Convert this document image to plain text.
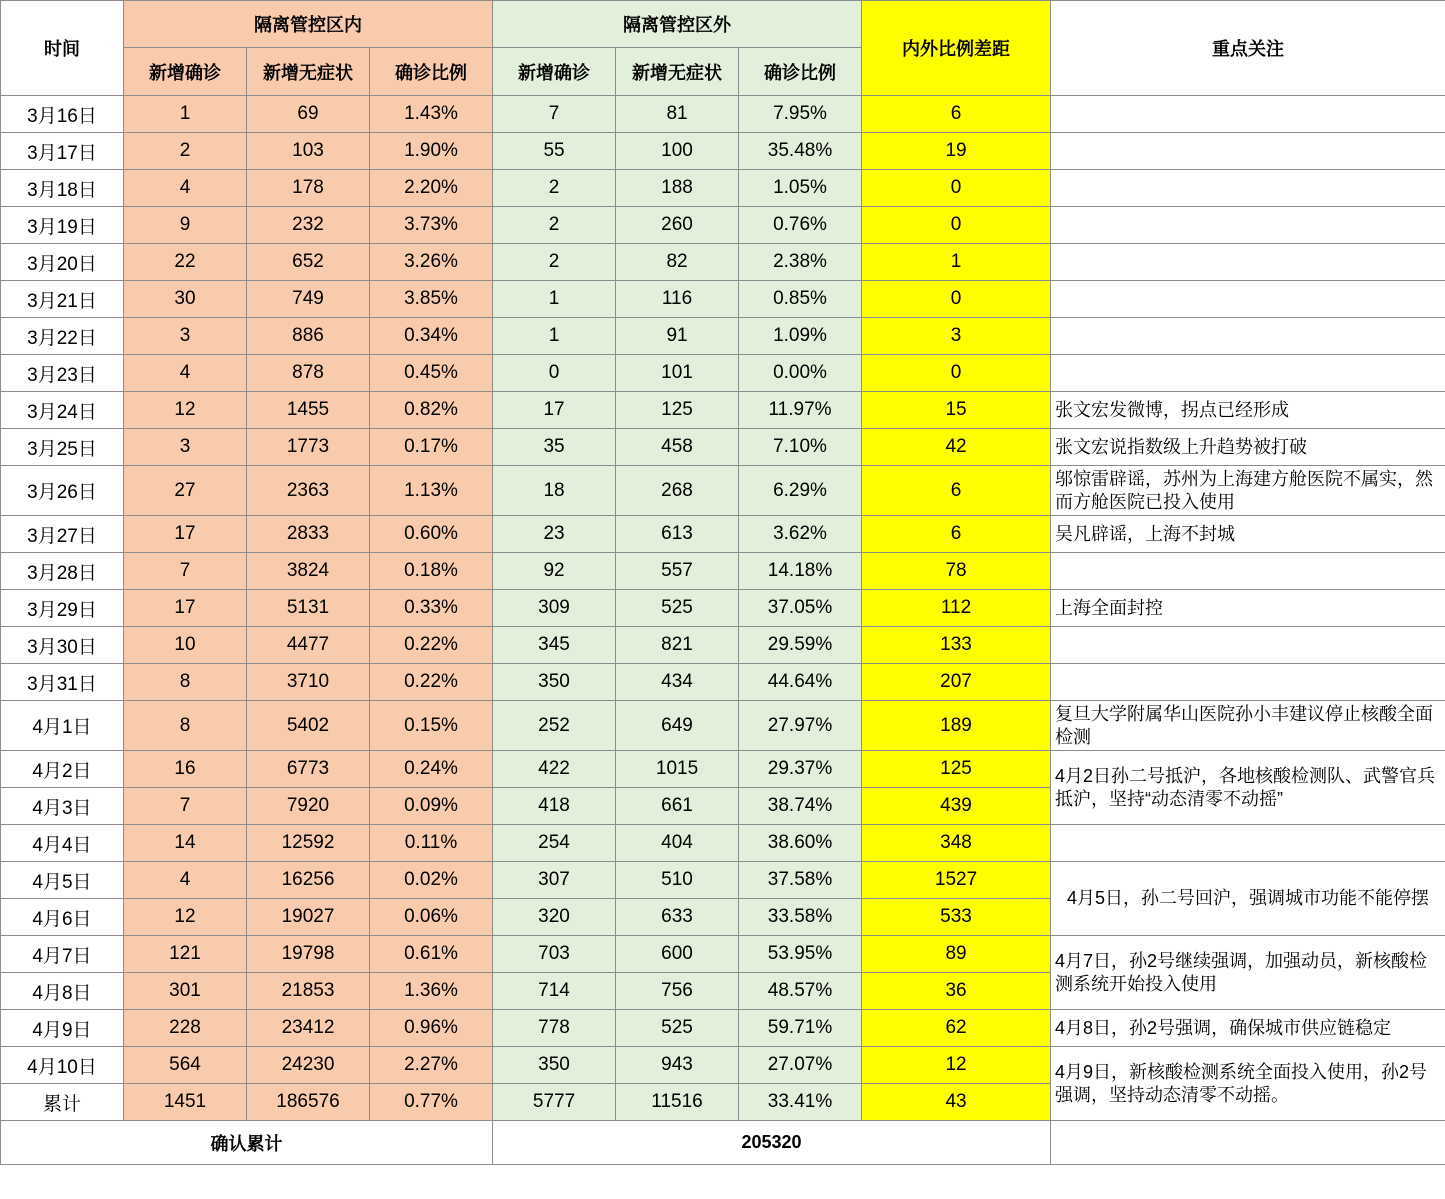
时间	隔离管控区内			隔离管控区外			内外比例差距	重点关注
	新增确诊	新增无症状	确诊比例	新增确诊	新增无症状	确诊比例		
3月16日	1	69	1.43%	7	81	7.95%	6	
3月17日	2	103	1.90%	55	100	35.48%	19	
3月18日	4	178	2.20%	2	188	1.05%	0	
3月19日	9	232	3.73%	2	260	0.76%	0	
3月20日	22	652	3.26%	2	82	2.38%	1	
3月21日	30	749	3.85%	1	116	0.85%	0	
3月22日	3	886	0.34%	1	91	1.09%	3	
3月23日	4	878	0.45%	0	101	0.00%	0	
3月24日	12	1455	0.82%	17	125	11.97%	15	张文宏发微博，拐点已经形成
3月25日	3	1773	0.17%	35	458	7.10%	42	张文宏说指数级上升趋势被打破
3月26日	27	2363	1.13%	18	268	6.29%	6	邬惊雷辟谣，苏州为上海建方舱医院不属实，然而方舱医院已投入使用
3月27日	17	2833	0.60%	23	613	3.62%	6	吴凡辟谣，上海不封城
3月28日	7	3824	0.18%	92	557	14.18%	78	
3月29日	17	5131	0.33%	309	525	37.05%	112	上海全面封控
3月30日	10	4477	0.22%	345	821	29.59%	133	
3月31日	8	3710	0.22%	350	434	44.64%	207	
4月1日	8	5402	0.15%	252	649	27.97%	189	复旦大学附属华山医院孙小丰建议停止核酸全面检测
4月2日	16	6773	0.24%	422	1015	29.37%	125	4月2日孙二号抵沪，各地核酸检测队、武警官兵抵沪，坚持“动态清零不动摇”
4月3日	7	7920	0.09%	418	661	38.74%	439	
4月4日	14	12592	0.11%	254	404	38.60%	348	
4月5日	4	16256	0.02%	307	510	37.58%	1527	4月5日，孙二号回沪，强调城市功能不能停摆
4月6日	12	19027	0.06%	320	633	33.58%	533	
4月7日	121	19798	0.61%	703	600	53.95%	89	4月7日，孙2号继续强调，加强动员，新核酸检测系统开始投入使用
4月8日	301	21853	1.36%	714	756	48.57%	36	
4月9日	228	23412	0.96%	778	525	59.71%	62	4月8日，孙2号强调，确保城市供应链稳定
4月10日	564	24230	2.27%	350	943	27.07%	12	4月9日，新核酸检测系统全面投入使用，孙2号强调，坚持动态清零不动摇。
累计	1451	186576	0.77%	5777	11516	33.41%	43	
确认累计				205320				
